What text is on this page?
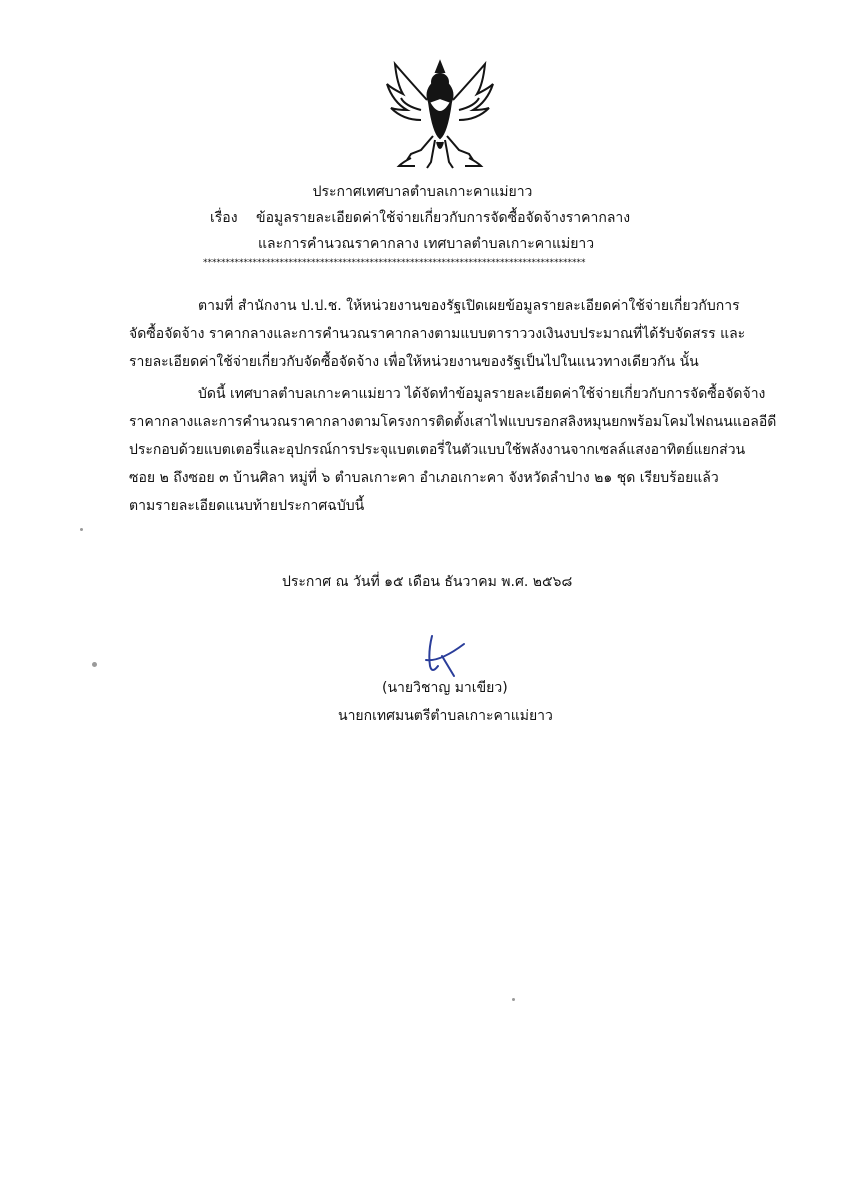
ประกาศเทศบาลตำบลเกาะคาแม่ยาว
เรื่อง ข้อมูลรายละเอียดค่าใช้จ่ายเกี่ยวกับการจัดซื้อจัดจ้างราคากลาง
และการคำนวณราคากลาง เทศบาลตำบลเกาะคาแม่ยาว
*************************************************************************************
ตามที่ สำนักงาน ป.ป.ช. ให้หน่วยงานของรัฐเปิดเผยข้อมูลรายละเอียดค่าใช้จ่ายเกี่ยวกับการ
จัดซื้อจัดจ้าง ราคากลางและการคำนวณราคากลางตามแบบตาราววงเงินงบประมาณที่ได้รับจัดสรร และ
รายละเอียดค่าใช้จ่ายเกี่ยวกับจัดซื้อจัดจ้าง เพื่อให้หน่วยงานของรัฐเป็นไปในแนวทางเดียวกัน นั้น
บัดนี้ เทศบาลตำบลเกาะคาแม่ยาว ได้จัดทำข้อมูลรายละเอียดค่าใช้จ่ายเกี่ยวกับการจัดซื้อจัดจ้าง
ราคากลางและการคำนวณราคากลางตามโครงการติดตั้งเสาไฟแบบรอกสลิงหมุนยกพร้อมโคมไฟถนนแอลอีดี
ประกอบด้วยแบตเตอรี่และอุปกรณ์การประจุแบตเตอรี่ในตัวแบบใช้พลังงานจากเซลล์แสงอาทิตย์แยกส่วน
ซอย ๒ ถึงซอย ๓ บ้านศิลา หมู่ที่ ๖ ตำบลเกาะคา อำเภอเกาะคา จังหวัดลำปาง ๒๑ ชุด เรียบร้อยแล้ว
ตามรายละเอียดแนบท้ายประกาศฉบับนี้
ประกาศ ณ วันที่ ๑๕ เดือน ธันวาคม พ.ศ. ๒๕๖๘
(นายวิชาญ มาเขียว)
นายกเทศมนตรีตำบลเกาะคาแม่ยาว
